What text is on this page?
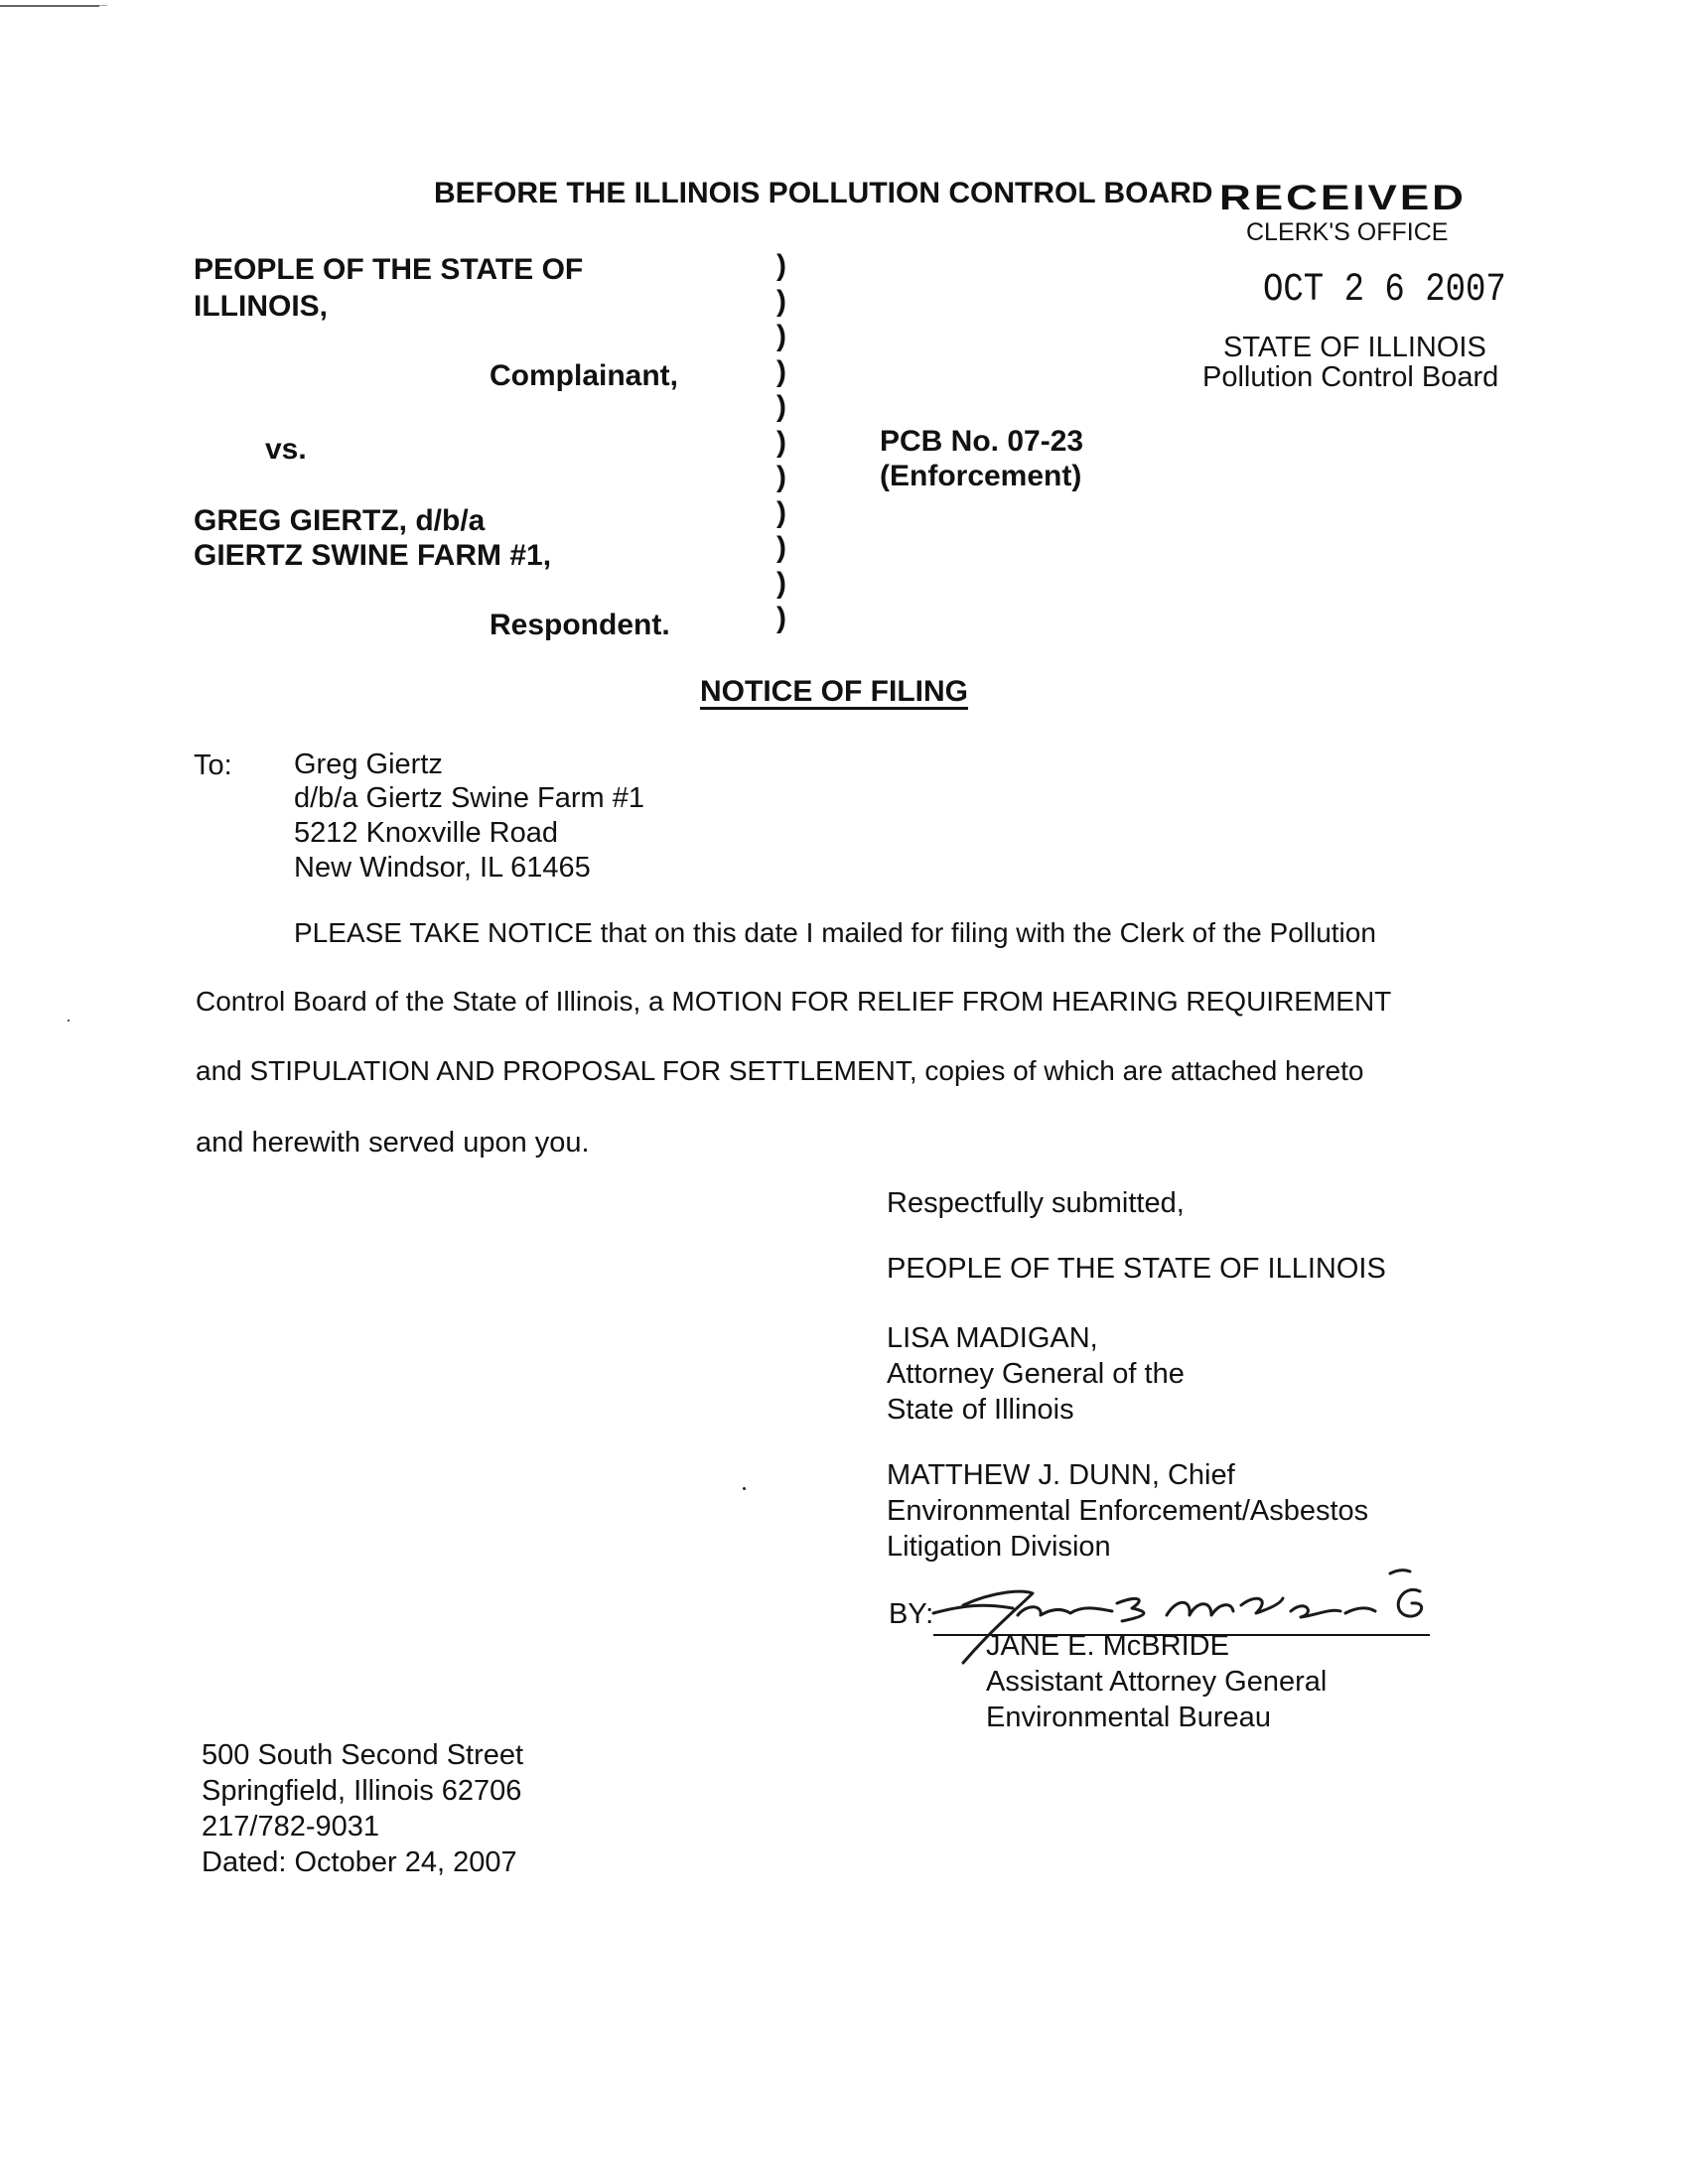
BEFORE THE ILLINOIS POLLUTION CONTROL BOARD RECEIVED
CLERK'S OFFICE
OCT 2 6 2007
STATE OF ILLINOIS
Pollution Control Board
PEOPLE OF THE STATE OF
ILLINOIS,
Complainant,
vs.
GREG GIERTZ, d/b/a
GIERTZ SWINE FARM #1,
Respondent.
)
)
)
)
)
)
)
)
)
)
)
PCB No. 07-23
(Enforcement)
NOTICE OF FILING
To: Greg Giertz
d/b/a Giertz Swine Farm #1
5212 Knoxville Road
New Windsor, IL 61465
PLEASE TAKE NOTICE that on this date I mailed for filing with the Clerk of the Pollution
Control Board of the State of Illinois, a MOTION FOR RELIEF FROM HEARING REQUIREMENT
and STIPULATION AND PROPOSAL FOR SETTLEMENT, copies of which are attached hereto
and herewith served upon you.
Respectfully submitted,
PEOPLE OF THE STATE OF ILLINOIS
LISA MADIGAN,
Attorney General of the
State of Illinois
MATTHEW J. DUNN, Chief
Environmental Enforcement/Asbestos
Litigation Division
BY:
JANE E. McBRIDE
Assistant Attorney General
Environmental Bureau
500 South Second Street
Springfield, Illinois 62706
217/782-9031
Dated: October 24, 2007
